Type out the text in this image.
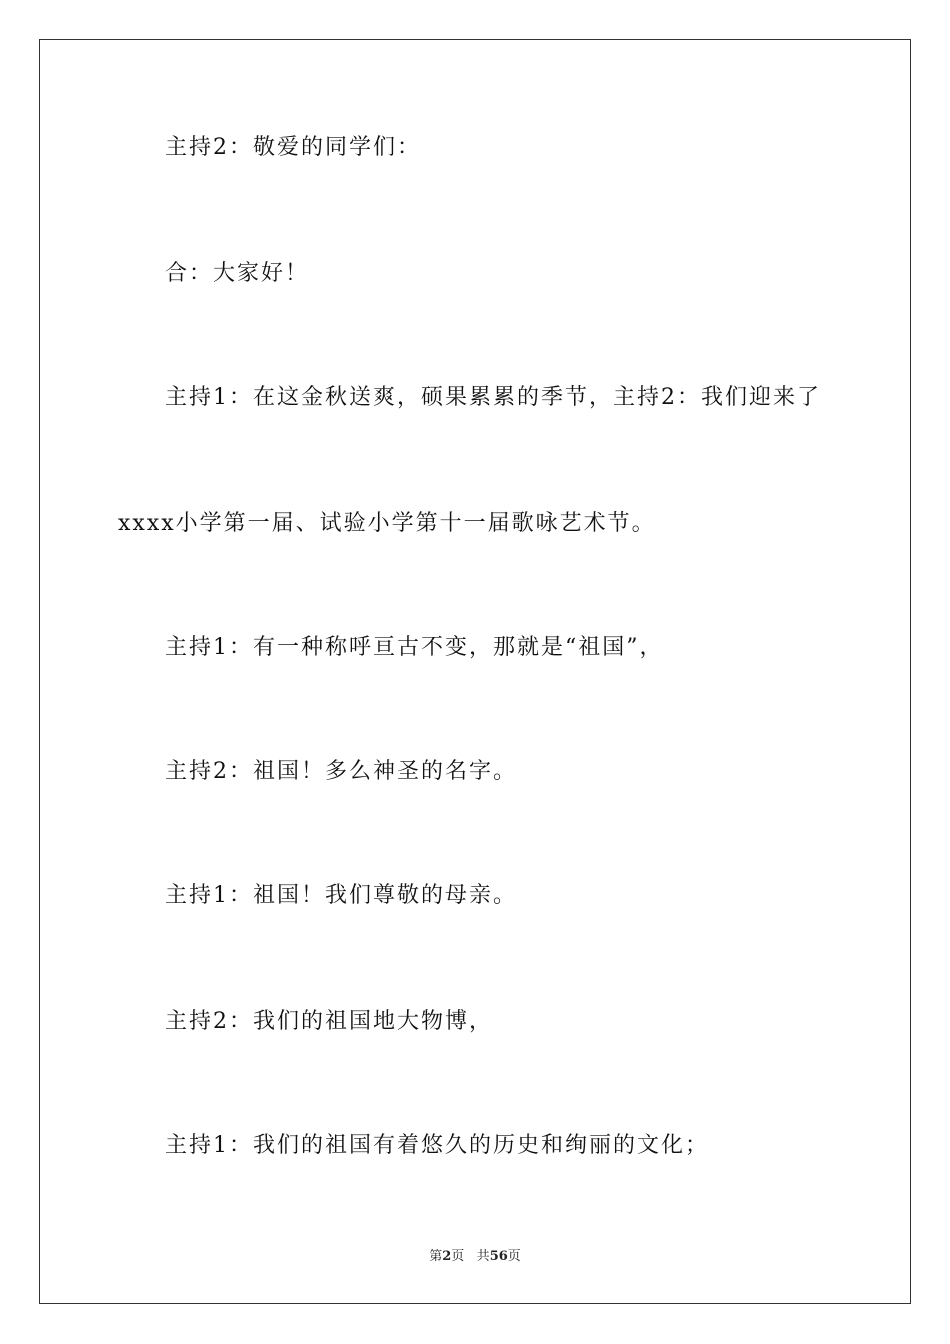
主持2：敬爱的同学们：
合：大家好！
主持1：在这金秋送爽，硕果累累的季节，主持2：我们迎来了
xxxx小学第一届、试验小学第十一届歌咏艺术节。
主持1：有一种称呼亘古不变，那就是“祖国”，
主持2：祖国！多么神圣的名字。
主持1：祖国！我们尊敬的母亲。
主持2：我们的祖国地大物博，
主持1：我们的祖国有着悠久的历史和绚丽的文化；
第2页 共56页
